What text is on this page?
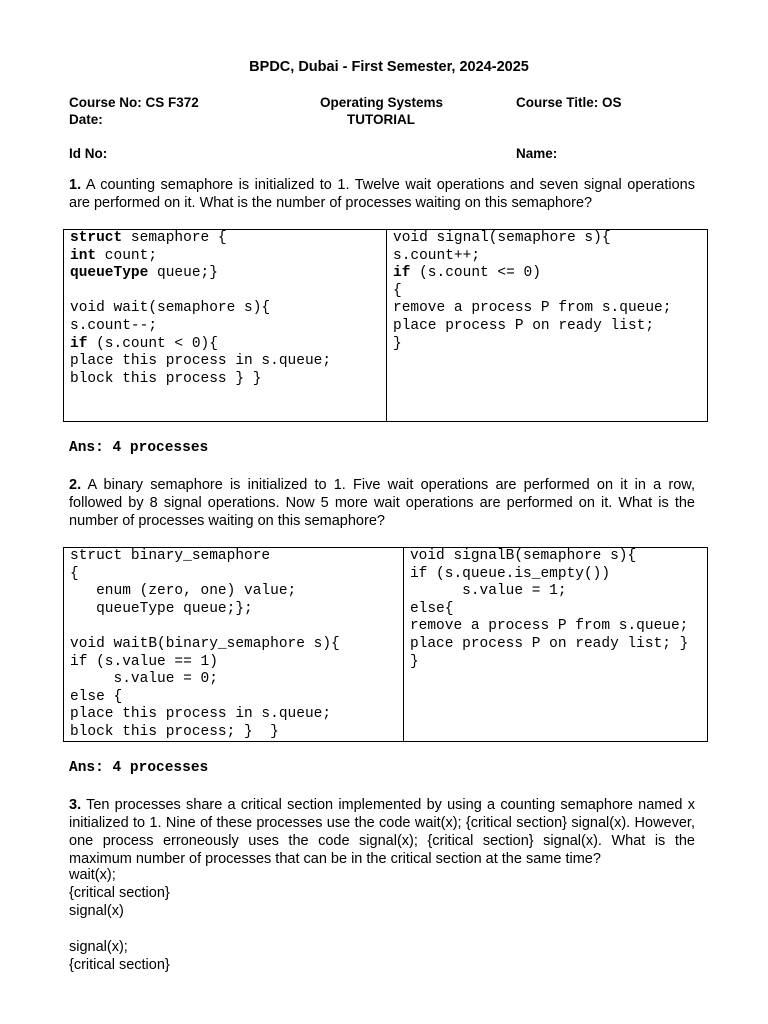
BPDC, Dubai - First Semester, 2024-2025
Course No: CS F372	Operating Systems	Course Title: OS
Date:	TUTORIAL
Id No:	Name:
1. A counting semaphore is initialized to 1. Twelve wait operations and seven signal operations are performed on it. What is the number of processes waiting on this semaphore?
struct semaphore {
int count;
queueType queue;}
void wait(semaphore s){
s.count--;
if (s.count < 0){
place this process in s.queue;
block this process } }
void signal(semaphore s){
s.count++;
if (s.count <= 0)
{
remove a process P from s.queue;
place process P on ready list;
}
Ans: 4 processes
2. A binary semaphore is initialized to 1. Five wait operations are performed on it in a row, followed by 8 signal operations. Now 5 more wait operations are performed on it. What is the number of processes waiting on this semaphore?
struct binary_semaphore
{
enum (zero, one) value;
queueType queue;};
void waitB(binary_semaphore s){
if (s.value == 1)
s.value = 0;
else {
place this process in s.queue;
block this process; }  }
void signalB(semaphore s){
if (s.queue.is_empty())
s.value = 1;
else{
remove a process P from s.queue;
place process P on ready list; }
}
Ans: 4 processes
3. Ten processes share a critical section implemented by using a counting semaphore named x initialized to 1. Nine of these processes use the code wait(x); {critical section} signal(x). However, one process erroneously uses the code signal(x); {critical section} signal(x). What is the maximum number of processes that can be in the critical section at the same time?
wait(x);
{critical section}
signal(x)
signal(x);
{critical section}
